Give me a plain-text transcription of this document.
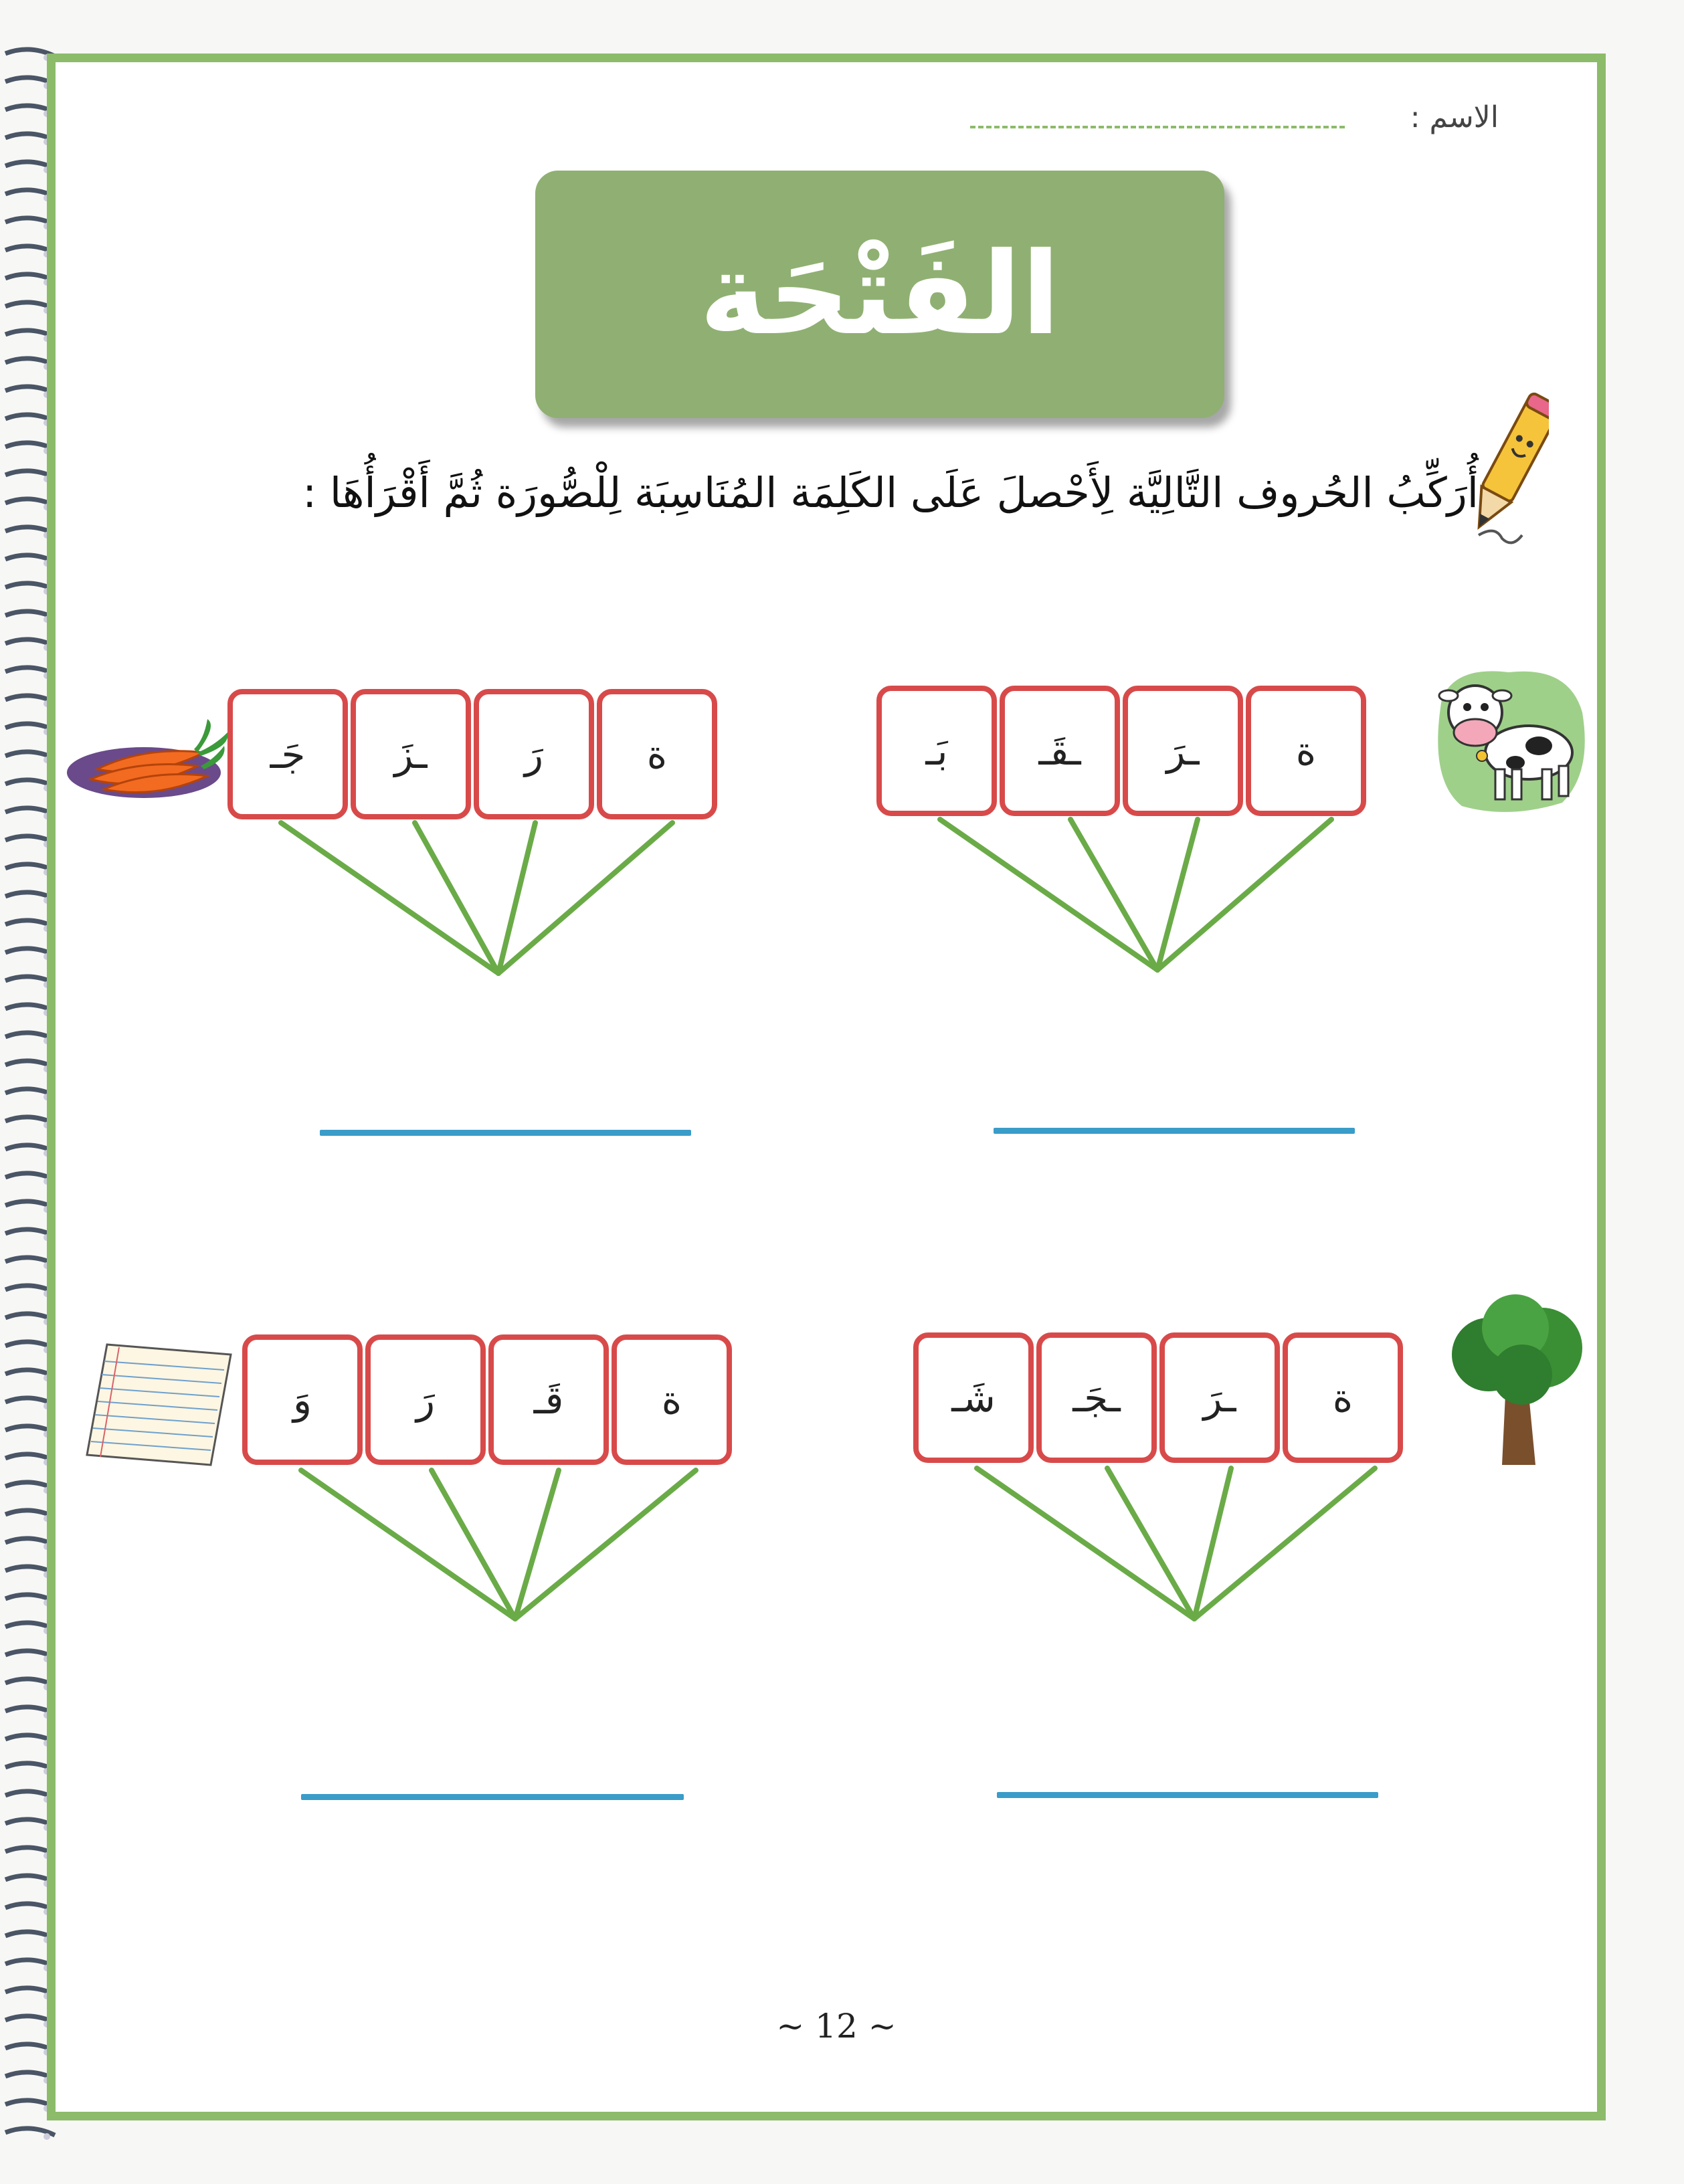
الاسم :
الفَتْحَة
أُرَكِّبُ الحُروف التَّالِيَّة لِأَحْصلَ عَلَى الكَلِمَة المُنَاسِبَة لِلْصُّورَة ثُمَّ أَقْرَأُهَا :
ة
ـرَ
ـقَـ
بَـ
ة
رَ
ـزَ
جَـ
ة
ـرَ
ـجَـ
شَـ
ة
قَـ
رَ
وَ
~ 12 ~
